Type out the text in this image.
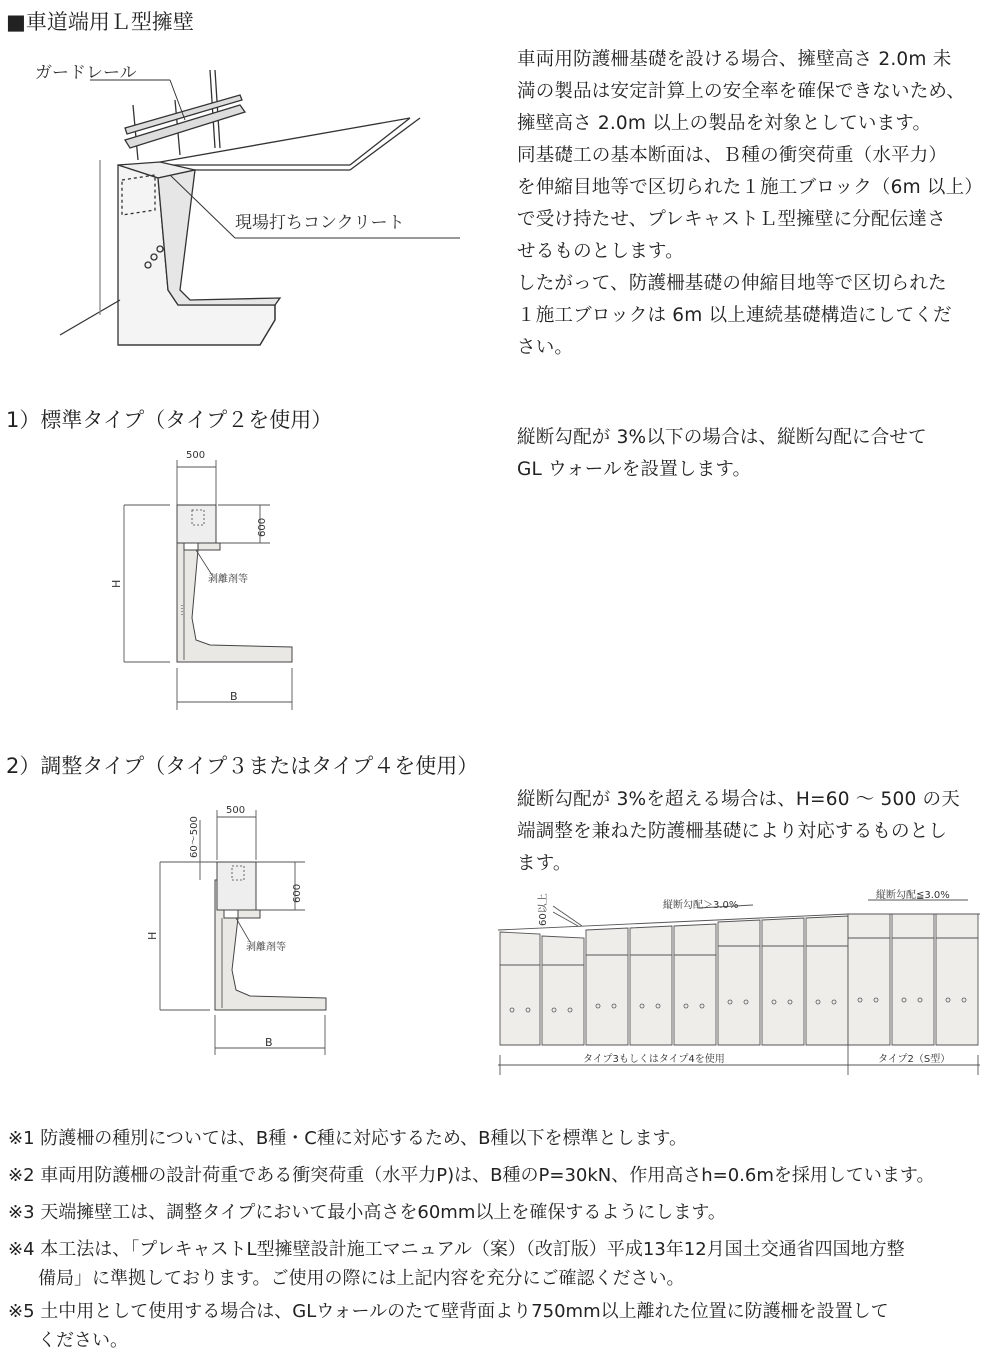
■車道端用Ｌ型擁壁
ガードレール
現場打ちコンクリート
車両用防護柵基礎を設ける場合、擁壁高さ 2.0m 未
満の製品は安定計算上の安全率を確保できないため、
擁壁高さ 2.0m 以上の製品を対象としています。
同基礎工の基本断面は、Ｂ種の衝突荷重（水平力）
を伸縮目地等で区切られた１施工ブロック（6m 以上）
で受け持たせ、プレキャストＬ型擁壁に分配伝達さ
せるものとします。
したがって、防護柵基礎の伸縮目地等で区切られた
１施工ブロックは 6m 以上連続基礎構造にしてくだ
さい。
1）標準タイプ（タイプ２を使用）
縦断勾配が 3%以下の場合は、縦断勾配に合せて
GL ウォールを設置します。
剥離剤等
500
600
H
B
2）調整タイプ（タイプ３またはタイプ４を使用）
縦断勾配が 3%を超える場合は、H=60 ～ 500 の天
端調整を兼ねた防護柵基礎により対応するものとし
ます。
剥離剤等
500
60～500
600
H
B
60以上	縦断勾配＞3.0%
縦断勾配≦3.0%
タイプ3もしくはタイプ4を使用	タイプ2（S型）
※1 防護柵の種別については、B種・C種に対応するため、B種以下を標準とします。
※2 車両用防護柵の設計荷重である衝突荷重（水平力P)は、B種のP=30kN、作用高さh=0.6mを採用しています。
※3 天端擁壁工は、調整タイプにおいて最小高さを60mm以上を確保するようにします。
※4 本工法は、「プレキャストL型擁壁設計施工マニュアル（案）（改訂版）平成13年12月国土交通省四国地方整
備局」に準拠しております。ご使用の際には上記内容を充分にご確認ください。
※5 土中用として使用する場合は、GLウォールのたて壁背面より750mm以上離れた位置に防護柵を設置して
ください。
